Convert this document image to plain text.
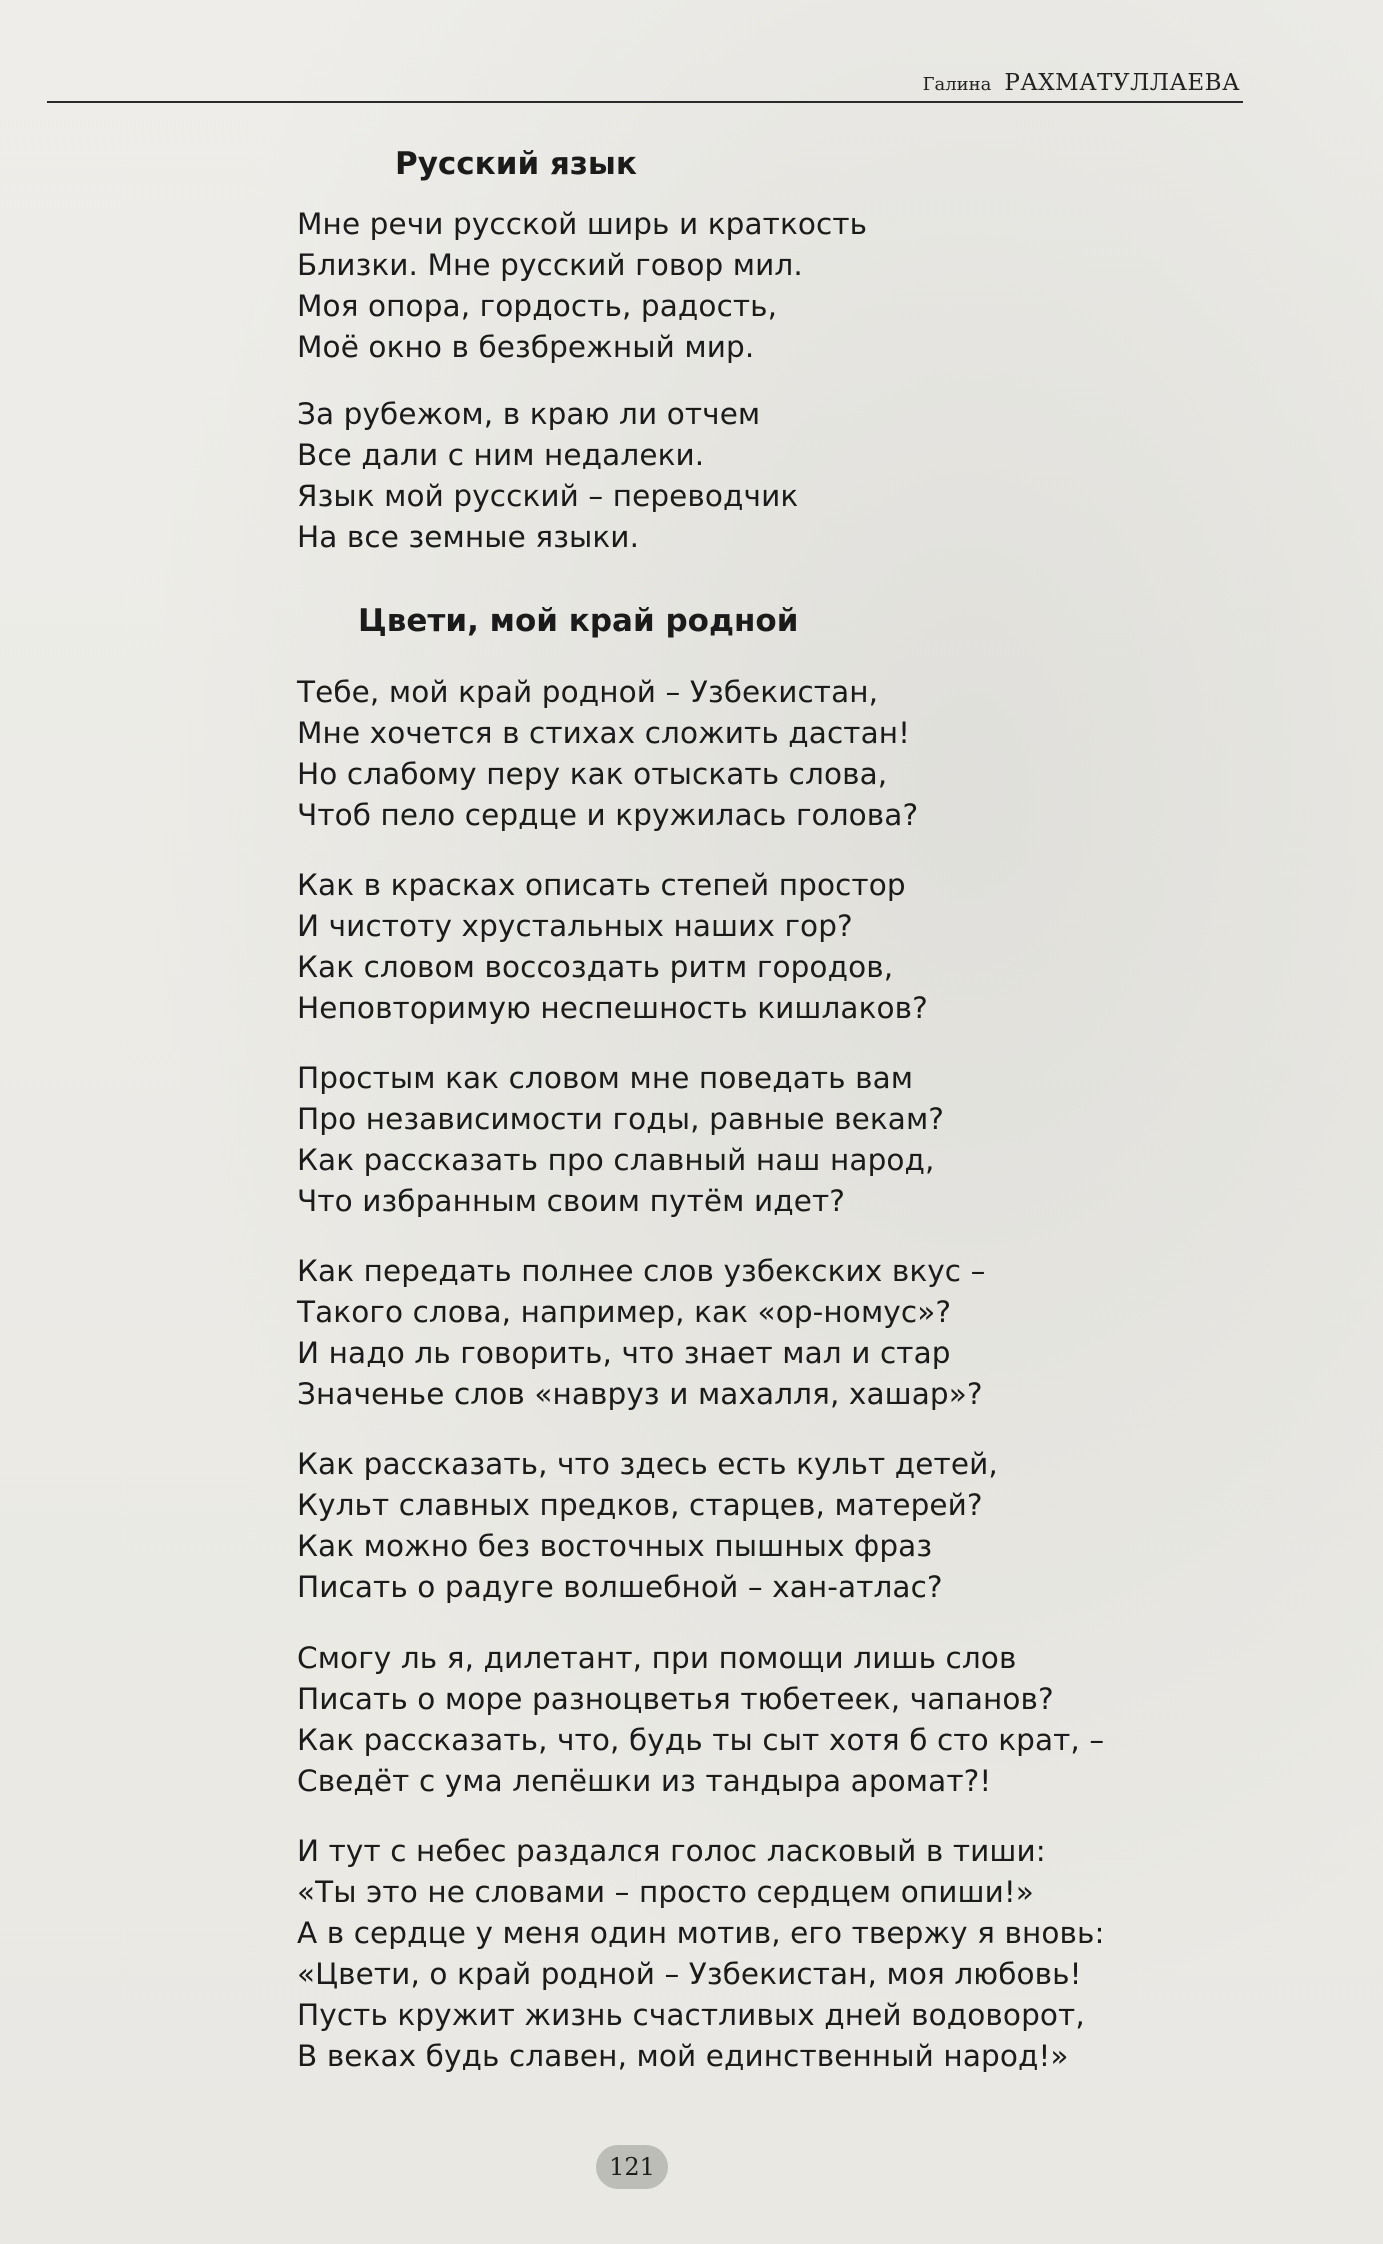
Галина РАХМАТУЛЛАЕВА
Русский язык
Мне речи русской ширь и краткость
Близки. Мне русский говор мил.
Моя опора, гордость, радость,
Моё окно в безбрежный мир.
За рубежом, в краю ли отчем
Все дали с ним недалеки.
Язык мой русский – переводчик
На все земные языки.
Цвети, мой край родной
Тебе, мой край родной – Узбекистан,
Мне хочется в стихах сложить дастан!
Но слабому перу как отыскать слова,
Чтоб пело сердце и кружилась голова?
Как в красках описать степей простор
И чистоту хрустальных наших гор?
Как словом воссоздать ритм городов,
Неповторимую неспешность кишлаков?
Простым как словом мне поведать вам
Про независимости годы, равные векам?
Как рассказать про славный наш народ,
Что избранным своим путём идет?
Как передать полнее слов узбекских вкус –
Такого слова, например, как «ор-номус»?
И надо ль говорить, что знает мал и стар
Значенье слов «навруз и махалля, хашар»?
Как рассказать, что здесь есть культ детей,
Культ славных предков, старцев, матерей?
Как можно без восточных пышных фраз
Писать о радуге волшебной – хан-атлас?
Смогу ль я, дилетант, при помощи лишь слов
Писать о море разноцветья тюбетеек, чапанов?
Как рассказать, что, будь ты сыт хотя б сто крат, –
Сведёт с ума лепёшки из тандыра аромат?!
И тут с небес раздался голос ласковый в тиши:
«Ты это не словами – просто сердцем опиши!»
А в сердце у меня один мотив, его твержу я вновь:
«Цвети, о край родной – Узбекистан, моя любовь!
Пусть кружит жизнь счастливых дней водоворот,
В веках будь славен, мой единственный народ!»
121
